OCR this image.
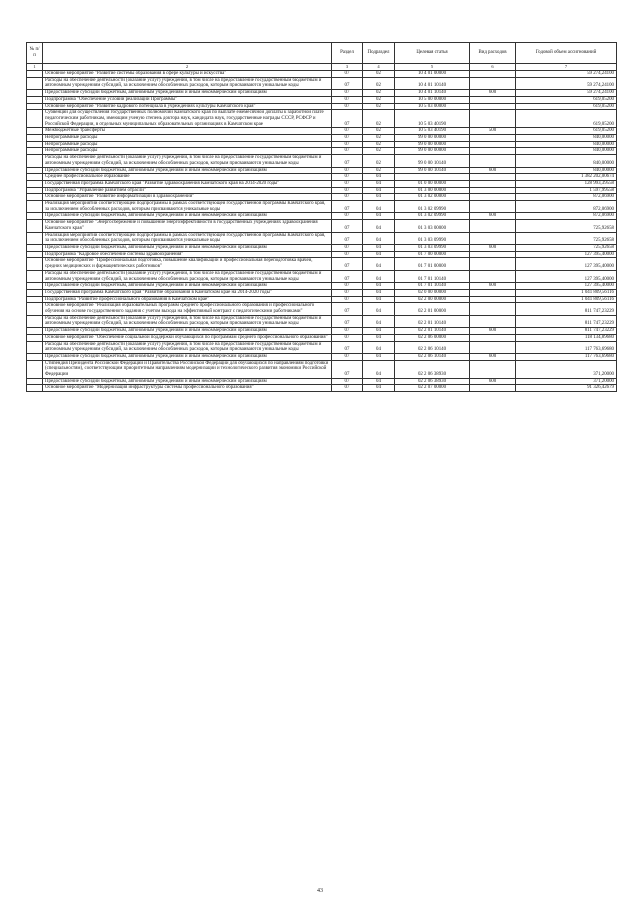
№ п/п		Раздел	Подраздел	Целевая статья	Вид расходов	Годовой объем ассигнований
1	2	3	4	5	6	7
	Основное мероприятие "Развитие системы образования в сфере культуры и искусства"	07	02	10 4 01 00000		59 274,24100
	Расходы на обеспечение деятельности (оказание услуг) учреждений, в том числе на предоставление государственным бюджетным и автономным учреждениям субсидий, за исключением обособленных расходов, которым присваиваются уникальные коды	07	02	10 4 01 10140		59 274,24100
	Предоставление субсидий бюджетным, автономным учреждениям и иным некоммерческим организациям	07	02	10 4 01 10140	600	59 274,24100
	Подпрограмма "Обеспечение условий реализации Программы"	07	02	10 5 00 00000		619,05200
	Основное мероприятие "Развитие кадрового потенциала в учреждениях культуры Камчатского края"	07	02	10 5 03 00000		619,05200
	Субвенции для осуществления государственных полномочий Камчатского края по выплате ежемесячной доплаты к заработной плате педагогическим работникам, имеющим ученую степень доктора наук, кандидата наук, государственные награды СССР, РСФСР и Российской Федерации, в отдельных муниципальных образовательных организациях в Камчатском крае	07	02	10 5 03 40190		619,05200
	Межбюджетные трансферты	07	02	10 5 03 40190	500	619,05200
	Непрограммные расходы	07	02	99 0 00 00000		840,00000
	Непрограммные расходы	07	02	99 0 00 00000		840,00000
	Непрограммные расходы	07	02	99 0 00 00000		840,00000
	Расходы на обеспечение деятельности (оказание услуг) учреждений, в том числе на предоставление государственным бюджетным и автономным учреждениям субсидий, за исключением обособленных расходов, которым присваиваются уникальные коды	07	02	99 0 00 10140		840,00000
	Предоставление субсидий бюджетным, автономным учреждениям и иным некоммерческим организациям	07	02	99 0 00 10140	600	840,00000
	Среднее профессиональное образование	07	04			1 382 202,00674
	Государственная программа Камчатского края "Развитие здравоохранения Камчатского края на 2014-2020 годы"	07	04	01 0 00 00000		128 993,39558
	Подпрограмма "Управление развитием отрасли"	07	04	01 3 00 00000		1 597,99558
	Основное мероприятие "Развитие информатизации в здравоохранении"	07	04	01 3 02 00000		872,06900
	Реализация мероприятий соответствующей подпрограммы в рамках соответствующей государственной программы Камчатского края, за исключением обособленных расходов, которым присваиваются уникальные коды	07	04	01 3 02 09990		872,06900
	Предоставление субсидий бюджетным, автономным учреждениям и иным некоммерческим организациям	07	04	01 3 02 09990	600	872,06900
	Основное мероприятие "Энергосбережение и повышение энергоэффективности в государственных учреждениях здравоохранения Камчатского края"	07	04	01 3 03 00000		725,92658
	Реализация мероприятий соответствующей подпрограммы в рамках соответствующей государственной программы Камчатского края, за исключением обособленных расходов, которым присваиваются уникальные коды	07	04	01 3 03 09990		725,92658
	Предоставление субсидий бюджетным, автономным учреждениям и иным некоммерческим организациям	07	04	01 3 03 09990	600	725,92658
	Подпрограмма "Кадровое обеспечение системы здравоохранения"	07	04	01 7 00 00000		127 395,40000
	Основное мероприятие "Профессиональная подготовка, повышение квалификации и профессиональная переподготовка врачей, средних медицинских и фармацевтических работников"	07	04	01 7 01 00000		127 395,40000
	Расходы на обеспечение деятельности (оказание услуг) учреждений, в том числе на предоставление государственным бюджетным и автономным учреждениям субсидий, за исключением обособленных расходов, которым присваиваются уникальные коды	07	04	01 7 01 10140		127 395,40000
	Предоставление субсидий бюджетным, автономным учреждениям и иным некоммерческим организациям	07	04	01 7 01 10140	600	127 395,40000
	Государственная программа Камчатского края "Развитие образования в Камчатском крае на 2014-2020 годы"	07	04	02 0 00 00000		1 041 809,56116
	Подпрограмма "Развитие профессионального образования в Камчатском крае"	07	04	02 2 00 00000		1 041 809,56116
	Основное мероприятие "Реализация образовательных программ среднего профессионального образования и профессионального обучения на основе государственного задания с учетом выхода на эффективный контракт с педагогическими работниками"	07	04	02 2 01 00000		811 747,23229
	Расходы на обеспечение деятельности (оказание услуг) учреждений, в том числе на предоставление государственным бюджетным и автономным учреждениям субсидий, за исключением обособленных расходов, которым присваиваются уникальные коды	07	04	02 2 01 10140		811 747,23229
	Предоставление субсидий бюджетным, автономным учреждениям и иным некоммерческим организациям	07	04	02 2 01 10140	600	811 747,23229
	Основное мероприятие "Обеспечение социальной поддержки обучающихся по программам среднего профессионального образования"	07	04	02 2 06 00000		118 134,89680
	Расходы на обеспечение деятельности (оказание услуг) учреждений, в том числе на предоставление государственным бюджетным и автономным учреждениям субсидий, за исключением обособленных расходов, которым присваиваются уникальные коды	07	04	02 2 06 10140		117 763,69680
	Предоставление субсидий бюджетным, автономным учреждениям и иным некоммерческим организациям	07	04	02 2 06 10140	600	117 763,69680
	Стипендия Президента Российской Федерации и Правительства Российской Федерации для обучающихся по направлениям подготовки (специальностям), соответствующим приоритетным направлениям модернизации и технологического развития экономики Российской Федерации	07	04	02 2 06 38930		371,20000
	Предоставление субсидий бюджетным, автономным учреждениям и иным некоммерческим организациям	07	04	02 2 06 38930	600	371,20000
	Основное мероприятие "Модернизация инфраструктуры системы профессионального образования"	07	04	02 2 07 00000		91 326,42679
43
